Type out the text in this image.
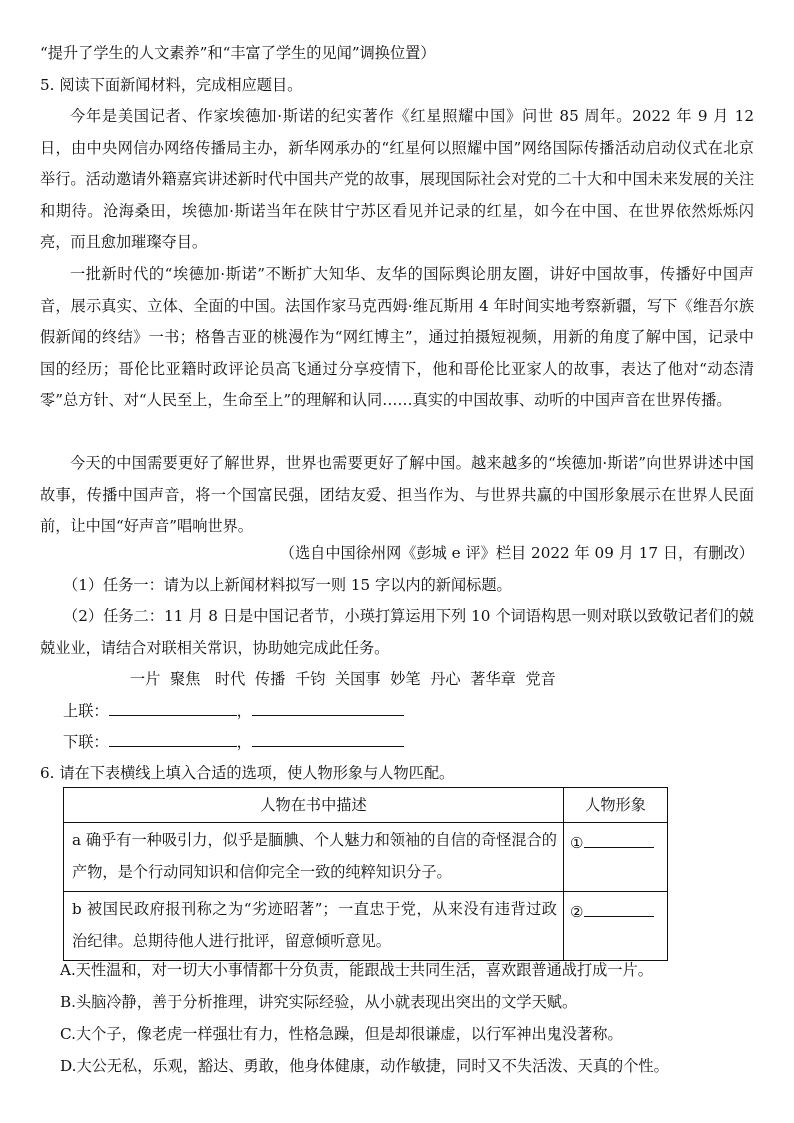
“提升了学生的人文素养”和“丰富了学生的见闻”调换位置）
5. 阅读下面新闻材料，完成相应题目。
今年是美国记者、作家埃德加·斯诺的纪实著作《红星照耀中国》问世 85 周年。2022 年 9 月 12 日，由中央网信办网络传播局主办，新华网承办的“红星何以照耀中国”网络国际传播活动启动仪式在北京举行。活动邀请外籍嘉宾讲述新时代中国共产党的故事，展现国际社会对党的二十大和中国未来发展的关注和期待。沧海桑田，埃德加·斯诺当年在陕甘宁苏区看见并记录的红星，如今在中国、在世界依然烁烁闪亮，而且愈加璀璨夺目。
一批新时代的“埃德加·斯诺”不断扩大知华、友华的国际舆论朋友圈，讲好中国故事，传播好中国声音，展示真实、立体、全面的中国。法国作家马克西姆·维瓦斯用 4 年时间实地考察新疆，写下《维吾尔族假新闻的终结》一书；格鲁吉亚的桃漫作为“网红博主”，通过拍摄短视频，用新的角度了解中国，记录中国的经历；哥伦比亚籍时政评论员高飞通过分享疫情下，他和哥伦比亚家人的故事，表达了他对“动态清零”总方针、对“人民至上，生命至上”的理解和认同……真实的中国故事、动听的中国声音在世界传播。
今天的中国需要更好了解世界，世界也需要更好了解中国。越来越多的“埃德加·斯诺”向世界讲述中国故事，传播中国声音，将一个国富民强，团结友爱、担当作为、与世界共赢的中国形象展示在世界人民面前，让中国“好声音”唱响世界。
（选自中国徐州网《彭城 e 评》栏目 2022 年 09 月 17 日，有删改）
（1）任务一：请为以上新闻材料拟写一则 15 字以内的新闻标题。
（2）任务二：11 月 8 日是中国记者节，小瑛打算运用下列 10 个词语构思一则对联以致敬记者们的兢兢业业，请结合对联相关常识，协助她完成此任务。
一片  聚焦   时代  传播  千钧  关国事  妙笔  丹心  著华章  党音
上联：	，
下联：	，
6. 请在下表横线上填入合适的选项，使人物形象与人物匹配。
人物在书中描述	人物形象
a 确乎有一种吸引力，似乎是腼腆、个人魅力和领袖的自信的奇怪混合的产物，是个行动同知识和信仰完全一致的纯粹知识分子。	①
b 被国民政府报刊称之为“劣迹昭著”；一直忠于党，从来没有违背过政治纪律。总期待他人进行批评，留意倾听意见。	②
A.天性温和，对一切大小事情都十分负责，能跟战士共同生活，喜欢跟普通战打成一片。
B.头脑冷静，善于分析推理，讲究实际经验，从小就表现出突出的文学天赋。
C.大个子，像老虎一样强壮有力，性格急躁，但是却很谦虚，以行军神出鬼没著称。
D.大公无私，乐观，豁达、勇敢，他身体健康，动作敏捷，同时又不失活泼、天真的个性。
